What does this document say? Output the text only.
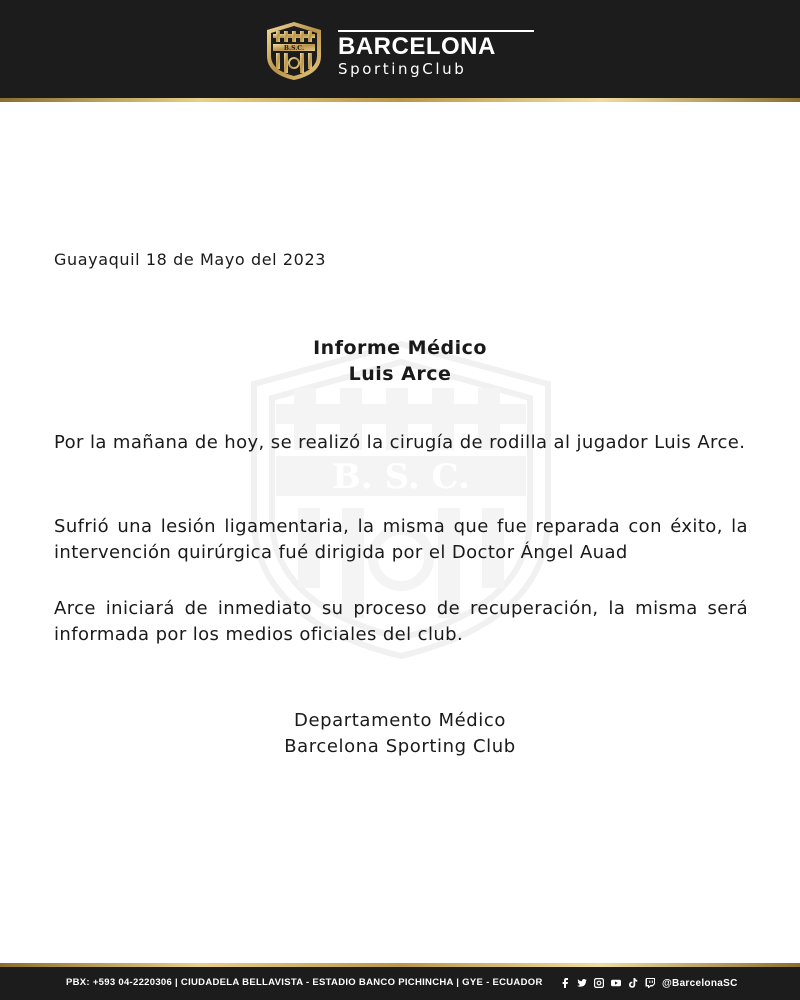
B.S.C. BARCELONA
SportingClub
B. S. C.
Guayaquil 18 de Mayo del 2023
Informe Médico
Luis Arce

Por la mañana de hoy, se realizó la cirugía de rodilla al jugador Luis Arce.

Sufrió una lesión ligamentaria, la misma que fue reparada con éxito, la intervención quirúrgica fué dirigida por el Doctor Ángel Auad

Arce iniciará de inmediato su proceso de recuperación, la misma será informada por los medios oficiales del club.

Departamento Médico
Barcelona Sporting Club
PBX: +593 04-2220306 | CIUDADELA BELLAVISTA - ESTADIO BANCO PICHINCHA | GYE - ECUADOR	@BarcelonaSC
